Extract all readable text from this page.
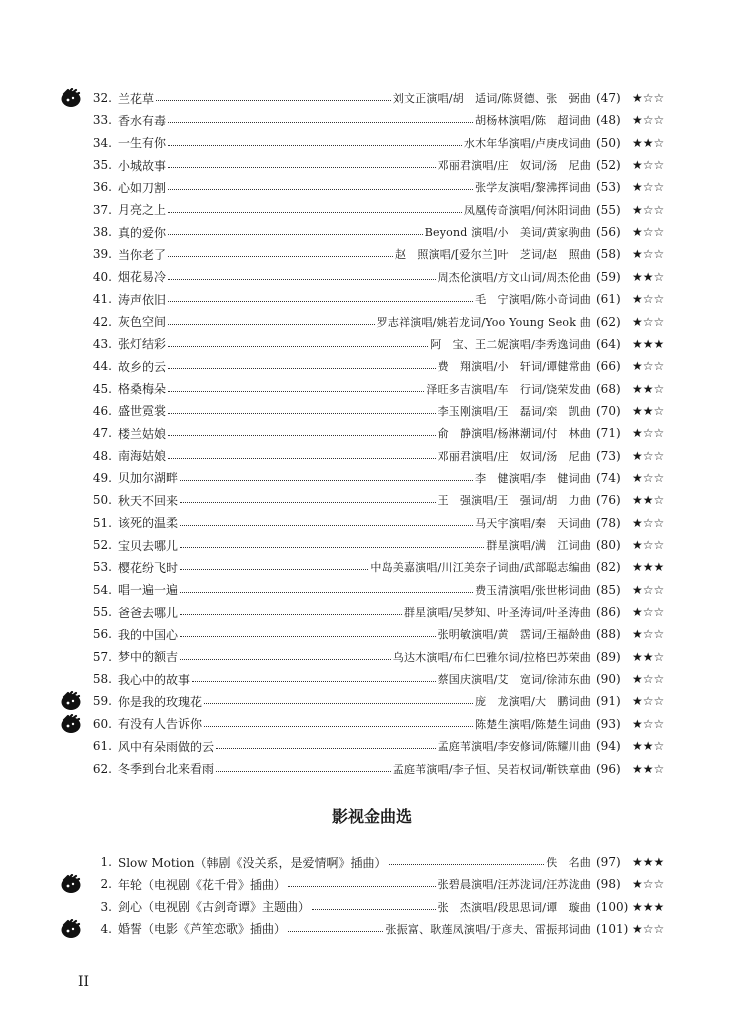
32. 兰花草	刘文正演唱/胡　适词/陈贤德、张　弼曲 (47) ★☆☆
33. 香水有毒	胡杨林演唱/陈　超词曲 (48) ★☆☆
34. 一生有你	水木年华演唱/卢庚戌词曲 (50) ★★☆
35. 小城故事	邓丽君演唱/庄　奴词/汤　尼曲 (52) ★☆☆
36. 心如刀割	张学友演唱/黎沸挥词曲 (53) ★☆☆
37. 月亮之上	凤凰传奇演唱/何沐阳词曲 (55) ★☆☆
38. 真的爱你	Beyond 演唱/小　美词/黄家驹曲 (56) ★☆☆
39. 当你老了	赵　照演唱/[爱尔兰]叶　芝词/赵　照曲 (58) ★☆☆
40. 烟花易冷	周杰伦演唱/方文山词/周杰伦曲 (59) ★★☆
41. 涛声依旧	毛　宁演唱/陈小奇词曲 (61) ★☆☆
42. 灰色空间	罗志祥演唱/姚若龙词/Yoo Young Seok 曲 (62) ★☆☆
43. 张灯结彩	阿　宝、王二妮演唱/李秀逸词曲 (64) ★★★
44. 故乡的云	费　翔演唱/小　轩词/谭健常曲 (66) ★☆☆
45. 格桑梅朵	泽旺多吉演唱/车　行词/饶荣发曲 (68) ★★☆
46. 盛世霓裳	李玉刚演唱/王　磊词/栾　凯曲 (70) ★★☆
47. 楼兰姑娘	俞　静演唱/杨淋潮词/付　林曲 (71) ★☆☆
48. 南海姑娘	邓丽君演唱/庄　奴词/汤　尼曲 (73) ★☆☆
49. 贝加尔湖畔	李　健演唱/李　健词曲 (74) ★☆☆
50. 秋天不回来	王　强演唱/王　强词/胡　力曲 (76) ★★☆
51. 该死的温柔	马天宇演唱/秦　天词曲 (78) ★☆☆
52. 宝贝去哪儿	群星演唱/满　江词曲 (80) ★☆☆
53. 樱花纷飞时	中岛美嘉演唱/川江美奈子词曲/武部聪志编曲 (82) ★★★
54. 唱一遍一遍	费玉清演唱/张世彬词曲 (85) ★☆☆
55. 爸爸去哪儿	群星演唱/吴梦知、叶圣涛词/叶圣涛曲 (86) ★☆☆
56. 我的中国心	张明敏演唱/黄　霑词/王福龄曲 (88) ★☆☆
57. 梦中的额吉	乌达木演唱/布仁巴雅尔词/拉格巴苏荣曲 (89) ★★☆
58. 我心中的故事	蔡国庆演唱/艾　宽词/徐沛东曲 (90) ★☆☆
59. 你是我的玫瑰花	庞　龙演唱/大　鹏词曲 (91) ★☆☆
60. 有没有人告诉你	陈楚生演唱/陈楚生词曲 (93) ★☆☆
61. 风中有朵雨做的云	孟庭苇演唱/李安修词/陈耀川曲 (94) ★★☆
62. 冬季到台北来看雨	孟庭苇演唱/李子恒、吴若权词/靳铁章曲 (96) ★★☆
影视金曲选
1. Slow Motion（韩剧《没关系，是爱情啊》插曲）	佚　名曲 (97) ★★★
2. 年轮（电视剧《花千骨》插曲）	张碧晨演唱/汪苏泷词/汪苏泷曲 (98) ★☆☆
3. 剑心（电视剧《古剑奇谭》主题曲）	张　杰演唱/段思思词/谭　璇曲 (100) ★★★
4. 婚誓（电影《芦笙恋歌》插曲）	张振富、耿莲凤演唱/于彦夫、雷振邦词曲 (101) ★☆☆
II
